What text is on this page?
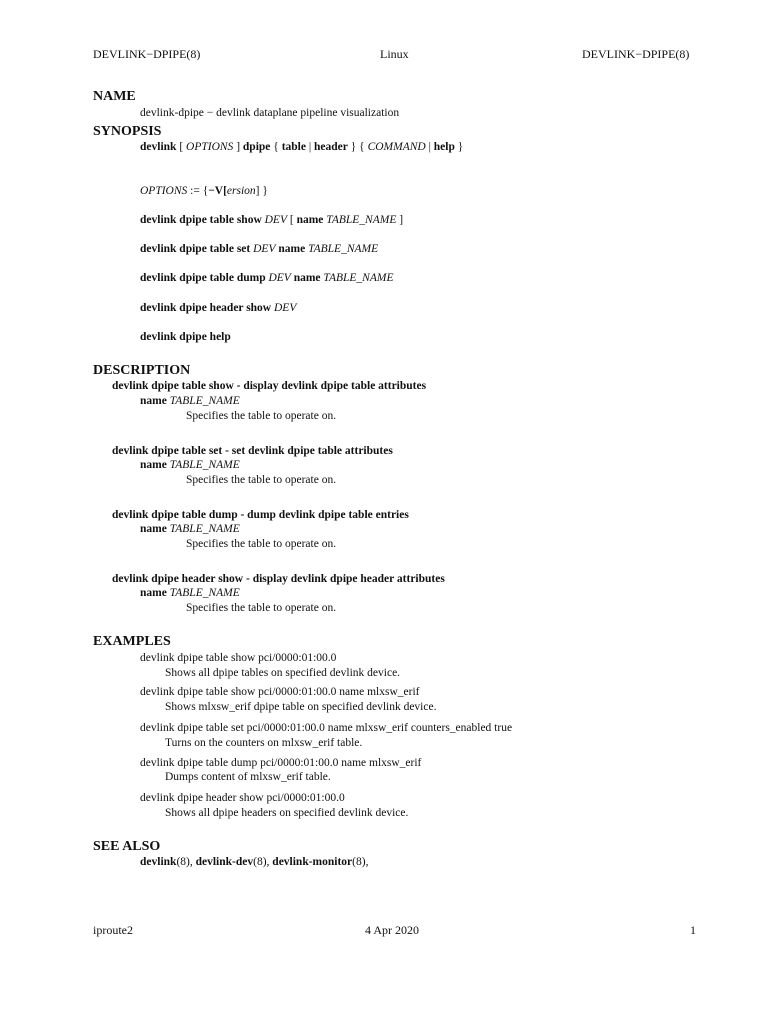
DEVLINK−DPIPE(8)	Linux	DEVLINK−DPIPE(8)
NAME
devlink-dpipe − devlink dataplane pipeline visualization
SYNOPSIS
devlink [ OPTIONS ] dpipe { table | header } { COMMAND | help }
OPTIONS := {−V[ersion] }
devlink dpipe table show DEV [ name TABLE_NAME ]
devlink dpipe table set DEV name TABLE_NAME
devlink dpipe table dump DEV name TABLE_NAME
devlink dpipe header show DEV
devlink dpipe help
DESCRIPTION
devlink dpipe table show - display devlink dpipe table attributes
name TABLE_NAME
Specifies the table to operate on.
devlink dpipe table set - set devlink dpipe table attributes
name TABLE_NAME
Specifies the table to operate on.
devlink dpipe table dump - dump devlink dpipe table entries
name TABLE_NAME
Specifies the table to operate on.
devlink dpipe header show - display devlink dpipe header attributes
name TABLE_NAME
Specifies the table to operate on.
EXAMPLES
devlink dpipe table show pci/0000:01:00.0
Shows all dpipe tables on specified devlink device.
devlink dpipe table show pci/0000:01:00.0 name mlxsw_erif
Shows mlxsw_erif dpipe table on specified devlink device.
devlink dpipe table set pci/0000:01:00.0 name mlxsw_erif counters_enabled true
Turns on the counters on mlxsw_erif table.
devlink dpipe table dump pci/0000:01:00.0 name mlxsw_erif
Dumps content of mlxsw_erif table.
devlink dpipe header show pci/0000:01:00.0
Shows all dpipe headers on specified devlink device.
SEE ALSO
devlink(8), devlink-dev(8), devlink-monitor(8),
iproute2	4 Apr 2020	1
